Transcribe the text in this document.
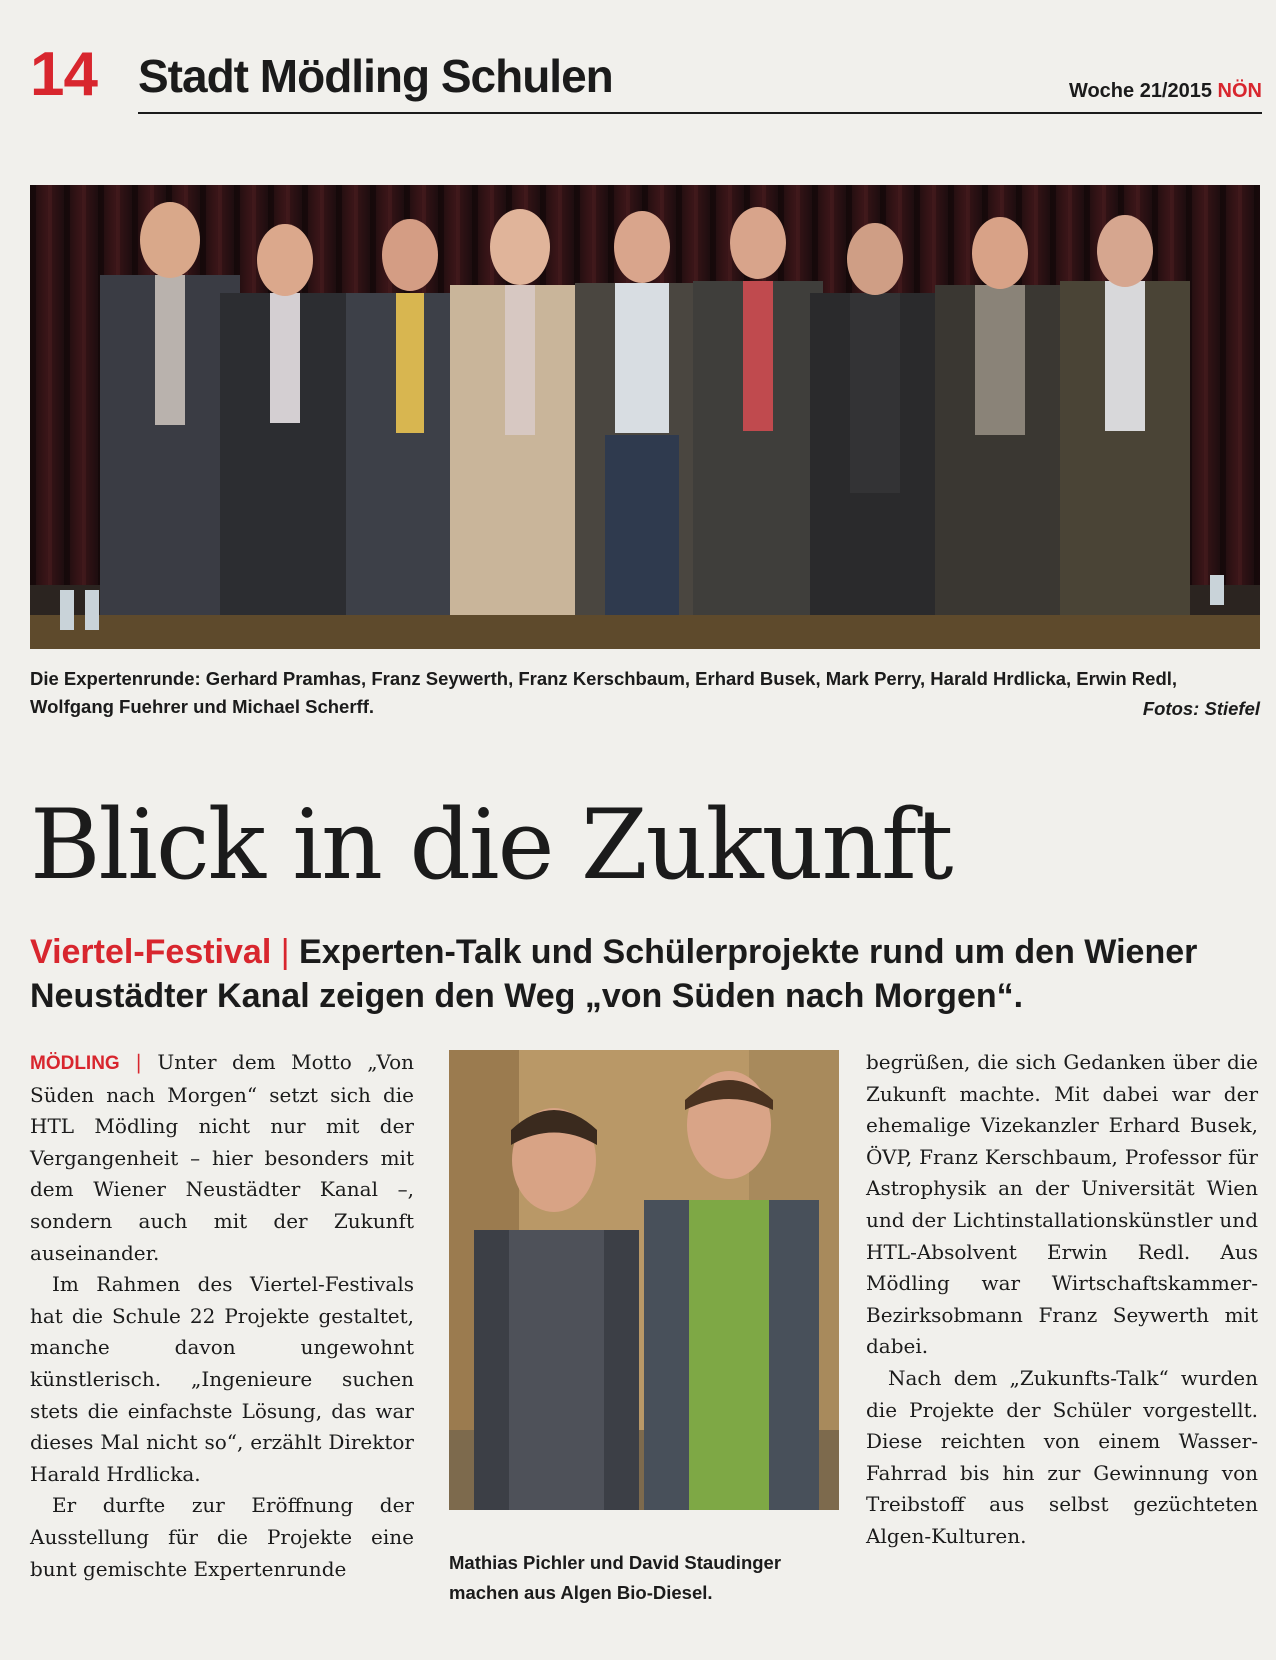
14 Stadt Mödling Schulen	Woche 21/2015 NÖN
Die Expertenrunde: Gerhard Pramhas, Franz Seywerth, Franz Kerschbaum, Erhard Busek, Mark Perry, Harald Hrdlicka, Erwin Redl, Wolfgang Fuehrer und Michael Scherff.	Fotos: Stiefel
Blick in die Zukunft
Viertel-Festival | Experten-Talk und Schülerprojekte rund um den Wiener Neustädter Kanal zeigen den Weg „von Süden nach Morgen“.

MÖDLING | Unter dem Motto „Von Süden nach Morgen“ setzt sich die HTL Mödling nicht nur mit der Vergangenheit – hier besonders mit dem Wiener Neustädter Kanal –, sondern auch mit der Zukunft auseinander.

Im Rahmen des Viertel-Festivals hat die Schule 22 Projekte gestaltet, manche davon ungewohnt künstlerisch. „Ingenieure suchen stets die einfachste Lösung, das war dieses Mal nicht so“, erzählt Direktor Harald Hrdlicka.

Er durfte zur Eröffnung der Ausstellung für die Projekte eine bunt gemischte Expertenrunde	Mathias Pichler und David Staudinger machen aus Algen Bio-Diesel.

begrüßen, die sich Gedanken über die Zukunft machte. Mit dabei war der ehemalige Vizekanzler Erhard Busek, ÖVP, Franz Kerschbaum, Professor für Astrophysik an der Universität Wien und der Lichtinstallationskünstler und HTL-Absolvent Erwin Redl. Aus Mödling war Wirtschaftskammer-Bezirksobmann Franz Seywerth mit dabei.

Nach dem „Zukunfts-Talk“ wurden die Projekte der Schüler vorgestellt. Diese reichten von einem Wasser-Fahrrad bis hin zur Gewinnung von Treibstoff aus selbst gezüchteten Algen-Kulturen.
